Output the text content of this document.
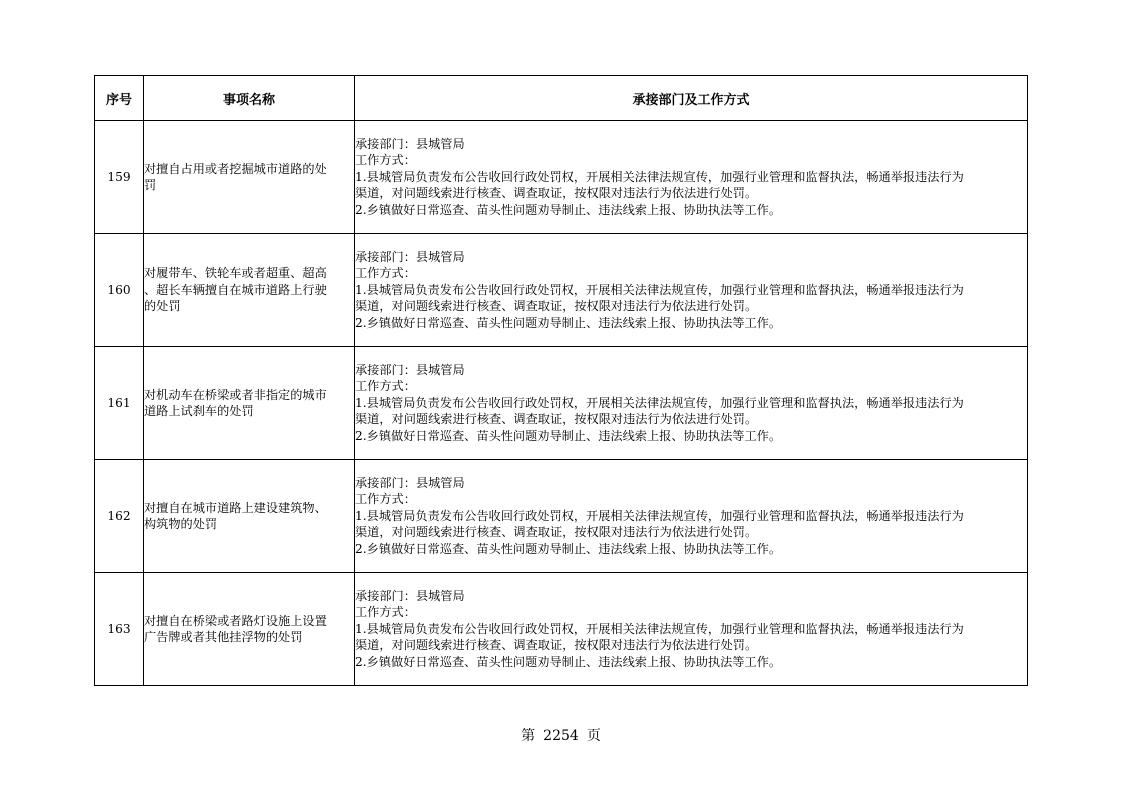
序号	事项名称	承接部门及工作方式
159	对擅自占用或者挖掘城市道路的处
罚	承接部门：县城管局
工作方式：
1.县城管局负责发布公告收回行政处罚权，开展相关法律法规宣传，加强行业管理和监督执法，畅通举报违法行为
渠道，对问题线索进行核查、调查取证，按权限对违法行为依法进行处罚。
2.乡镇做好日常巡查、苗头性问题劝导制止、违法线索上报、协助执法等工作。

160	对履带车、铁轮车或者超重、超高
、超长车辆擅自在城市道路上行驶
的处罚	承接部门：县城管局
工作方式：
1.县城管局负责发布公告收回行政处罚权，开展相关法律法规宣传，加强行业管理和监督执法，畅通举报违法行为
渠道，对问题线索进行核查、调查取证，按权限对违法行为依法进行处罚。
2.乡镇做好日常巡查、苗头性问题劝导制止、违法线索上报、协助执法等工作。

161	对机动车在桥梁或者非指定的城市
道路上试刹车的处罚	承接部门：县城管局
工作方式：
1.县城管局负责发布公告收回行政处罚权，开展相关法律法规宣传，加强行业管理和监督执法，畅通举报违法行为
渠道，对问题线索进行核查、调查取证，按权限对违法行为依法进行处罚。
2.乡镇做好日常巡查、苗头性问题劝导制止、违法线索上报、协助执法等工作。

162	对擅自在城市道路上建设建筑物、
构筑物的处罚	承接部门：县城管局
工作方式：
1.县城管局负责发布公告收回行政处罚权，开展相关法律法规宣传，加强行业管理和监督执法，畅通举报违法行为
渠道，对问题线索进行核查、调查取证，按权限对违法行为依法进行处罚。
2.乡镇做好日常巡查、苗头性问题劝导制止、违法线索上报、协助执法等工作。

163	对擅自在桥梁或者路灯设施上设置
广告牌或者其他挂浮物的处罚	承接部门：县城管局
工作方式：
1.县城管局负责发布公告收回行政处罚权，开展相关法律法规宣传，加强行业管理和监督执法，畅通举报违法行为
渠道，对问题线索进行核查、调查取证，按权限对违法行为依法进行处罚。
2.乡镇做好日常巡查、苗头性问题劝导制止、违法线索上报、协助执法等工作。
第 2254 页
